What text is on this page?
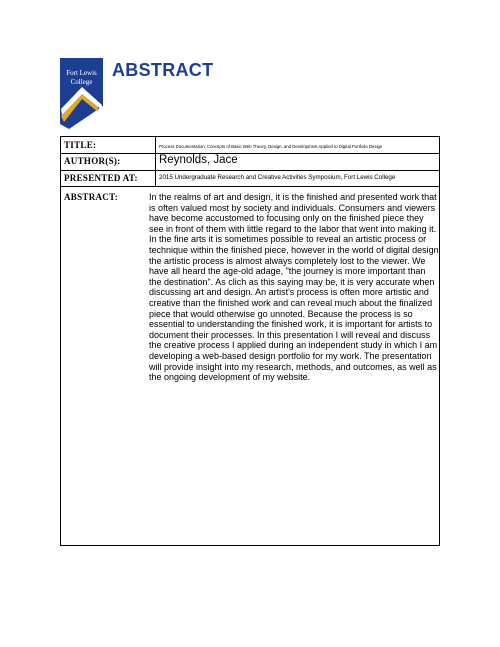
Fort Lewis
College
ABSTRACT
TITLE:	Process Documentation: Concepts of Basic Web Theory, Design, and Development Applied to Digital Portfolio Design
AUTHOR(S):	Reynolds, Jace
PRESENTED AT:	2015 Undergraduate Research and Creative Activities Symposium, Fort Lewis College
ABSTRACT:	In the realms of art and design, it is the finished and presented work that is often valued most by society and individuals. Consumers and viewers have become accustomed to focusing only on the finished piece they see in front of them with little regard to the labor that went into making it. In the fine arts it is sometimes possible to reveal an artistic process or technique within the finished piece, however in the world of digital design the artistic process is almost always completely lost to the viewer. We have all heard the age-old adage, "the journey is more important than the destination". As clich as this saying may be, it is very accurate when discussing art and design. An artist's process is often more artistic and creative than the finished work and can reveal much about the finalized piece that would otherwise go unnoted. Because the process is so essential to understanding the finished work, it is important for artists to document their processes. In this presentation I will reveal and discuss the creative process I applied during an independent study in which I am developing a web-based design portfolio for my work. The presentation will provide insight into my research, methods, and outcomes, as well as the ongoing development of my website.
